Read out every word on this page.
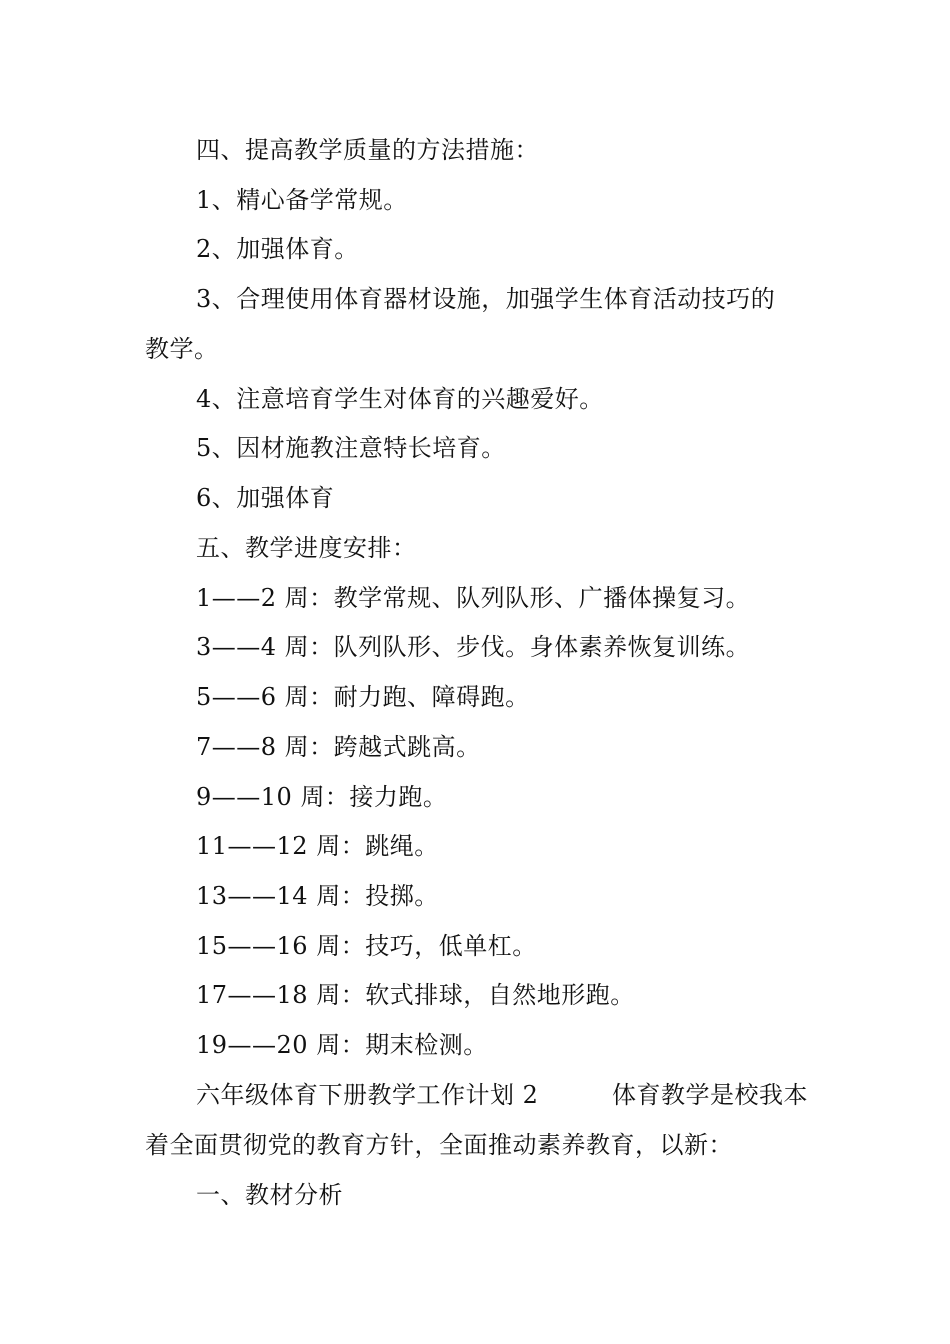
四、提高教学质量的方法措施：
1、精心备学常规。
2、加强体育。
3、合理使用体育器材设施，加强学生体育活动技巧的
教学。
4、注意培育学生对体育的兴趣爱好。
5、因材施教注意特长培育。
6、加强体育
五、教学进度安排：
1——2 周：教学常规、队列队形、广播体操复习。
3——4 周：队列队形、步伐。身体素养恢复训练。
5——6 周：耐力跑、障碍跑。
7——8 周：跨越式跳高。
9——10 周：接力跑。
11——12 周：跳绳。
13——14 周：投掷。
15——16 周：技巧，低单杠。
17——18 周：软式排球，自然地形跑。
19——20 周：期末检测。
六年级体育下册教学工作计划 2	体育教学是校我本
着全面贯彻党的教育方针，全面推动素养教育，以新：
一、教材分析
